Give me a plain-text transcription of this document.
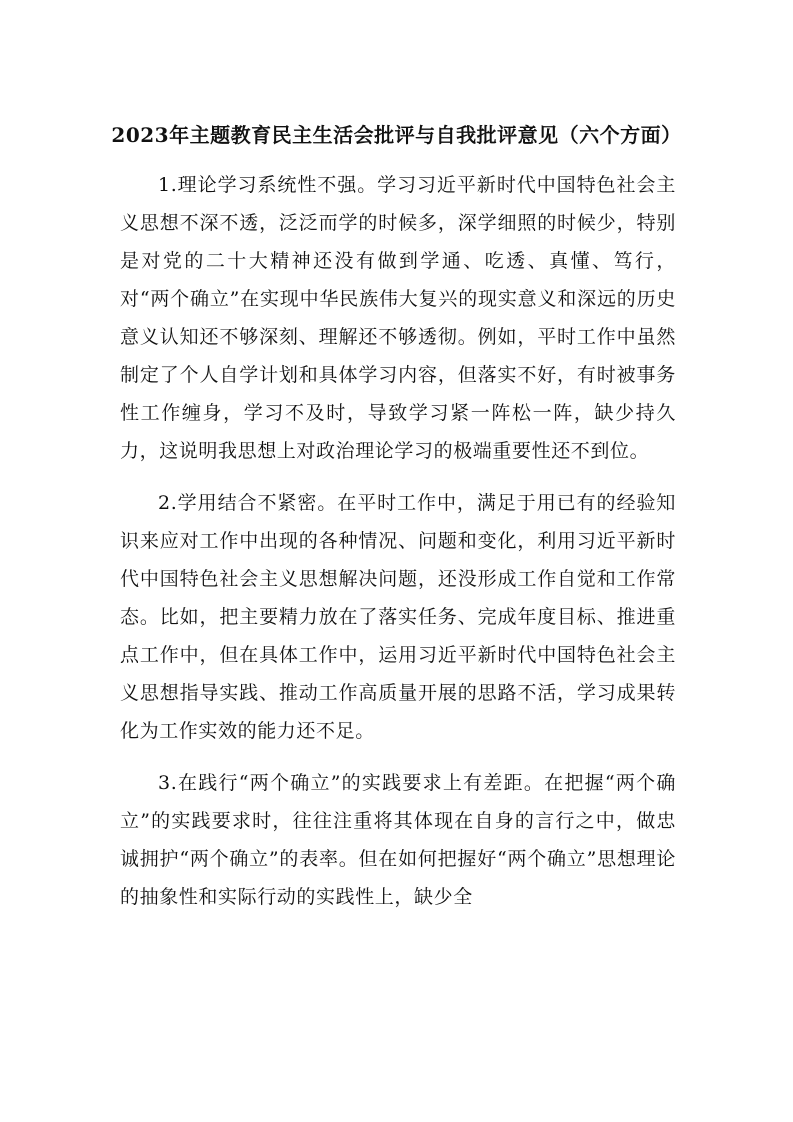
2023年主题教育民主生活会批评与自我批评意见（六个方面）

1.理论学习系统性不强。学习习近平新时代中国特色社会主义思想不深不透，泛泛而学的时候多，深学细照的时候少，特别是对党的二十大精神还没有做到学通、吃透、真懂、笃行，对“两个确立”在实现中华民族伟大复兴的现实意义和深远的历史意义认知还不够深刻、理解还不够透彻。例如，平时工作中虽然制定了个人自学计划和具体学习内容，但落实不好，有时被事务性工作缠身，学习不及时，导致学习紧一阵松一阵，缺少持久力，这说明我思想上对政治理论学习的极端重要性还不到位。

2.学用结合不紧密。在平时工作中，满足于用已有的经验知识来应对工作中出现的各种情况、问题和变化，利用习近平新时代中国特色社会主义思想解决问题，还没形成工作自觉和工作常态。比如，把主要精力放在了落实任务、完成年度目标、推进重点工作中，但在具体工作中，运用习近平新时代中国特色社会主义思想指导实践、推动工作高质量开展的思路不活，学习成果转化为工作实效的能力还不足。

3.在践行“两个确立”的实践要求上有差距。在把握“两个确立”的实践要求时，往往注重将其体现在自身的言行之中，做忠诚拥护“两个确立”的表率。但在如何把握好“两个确立”思想理论的抽象性和实际行动的实践性上，缺少全
